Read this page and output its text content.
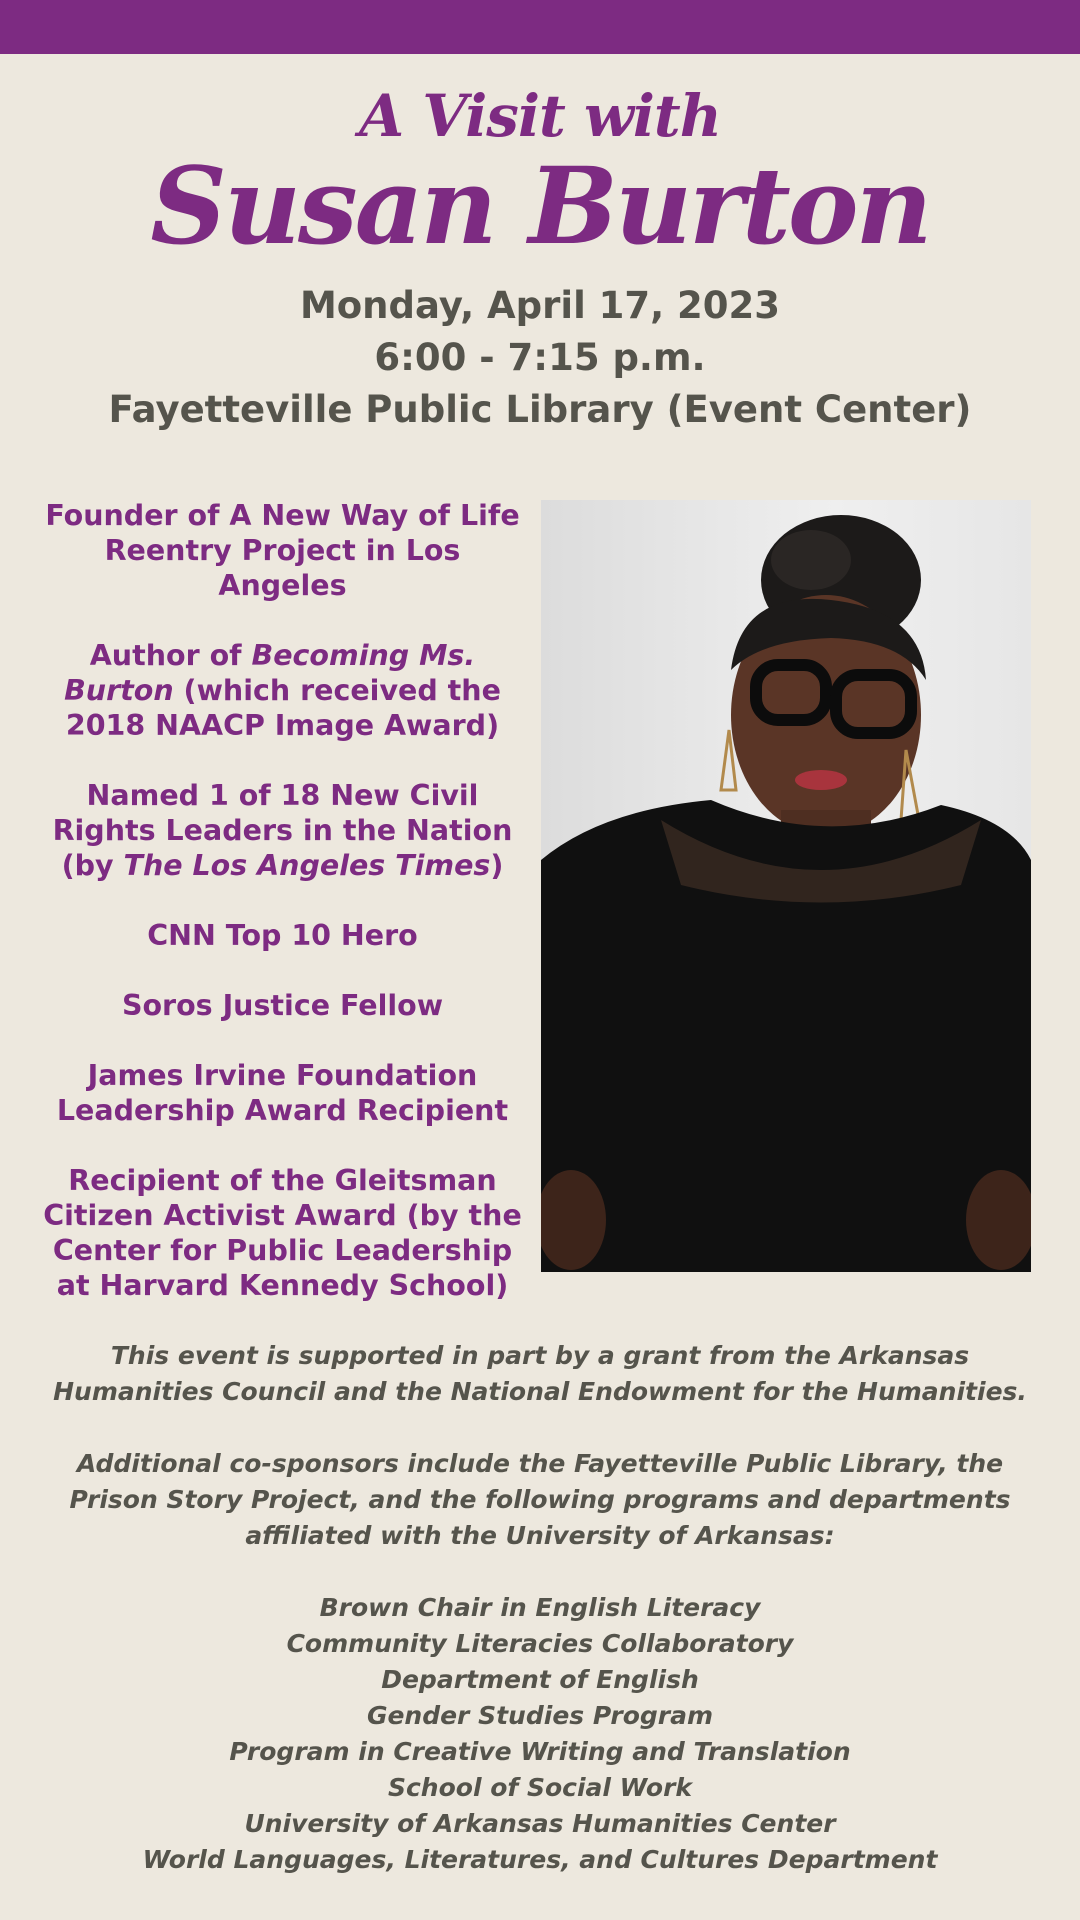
A Visit with
Susan Burton
Monday, April 17, 2023
6:00 - 7:15 p.m.
Fayetteville Public Library (Event Center)

Founder of A New Way of Life Reentry Project in Los Angeles

Author of Becoming Ms. Burton (which received the 2018 NAACP Image Award)

Named 1 of 18 New Civil Rights Leaders in the Nation (by The Los Angeles Times)

CNN Top 10 Hero

Soros Justice Fellow

James Irvine Foundation Leadership Award Recipient

Recipient of the Gleitsman Citizen Activist Award (by the Center for Public Leadership at Harvard Kennedy School)

This event is supported in part by a grant from the Arkansas Humanities Council and the National Endowment for the Humanities.

Additional co-sponsors include the Fayetteville Public Library, the Prison Story Project, and the following programs and departments affiliated with the University of Arkansas:

Brown Chair in English Literacy
Community Literacies Collaboratory
Department of English
Gender Studies Program
Program in Creative Writing and Translation
School of Social Work
University of Arkansas Humanities Center
World Languages, Literatures, and Cultures Department
